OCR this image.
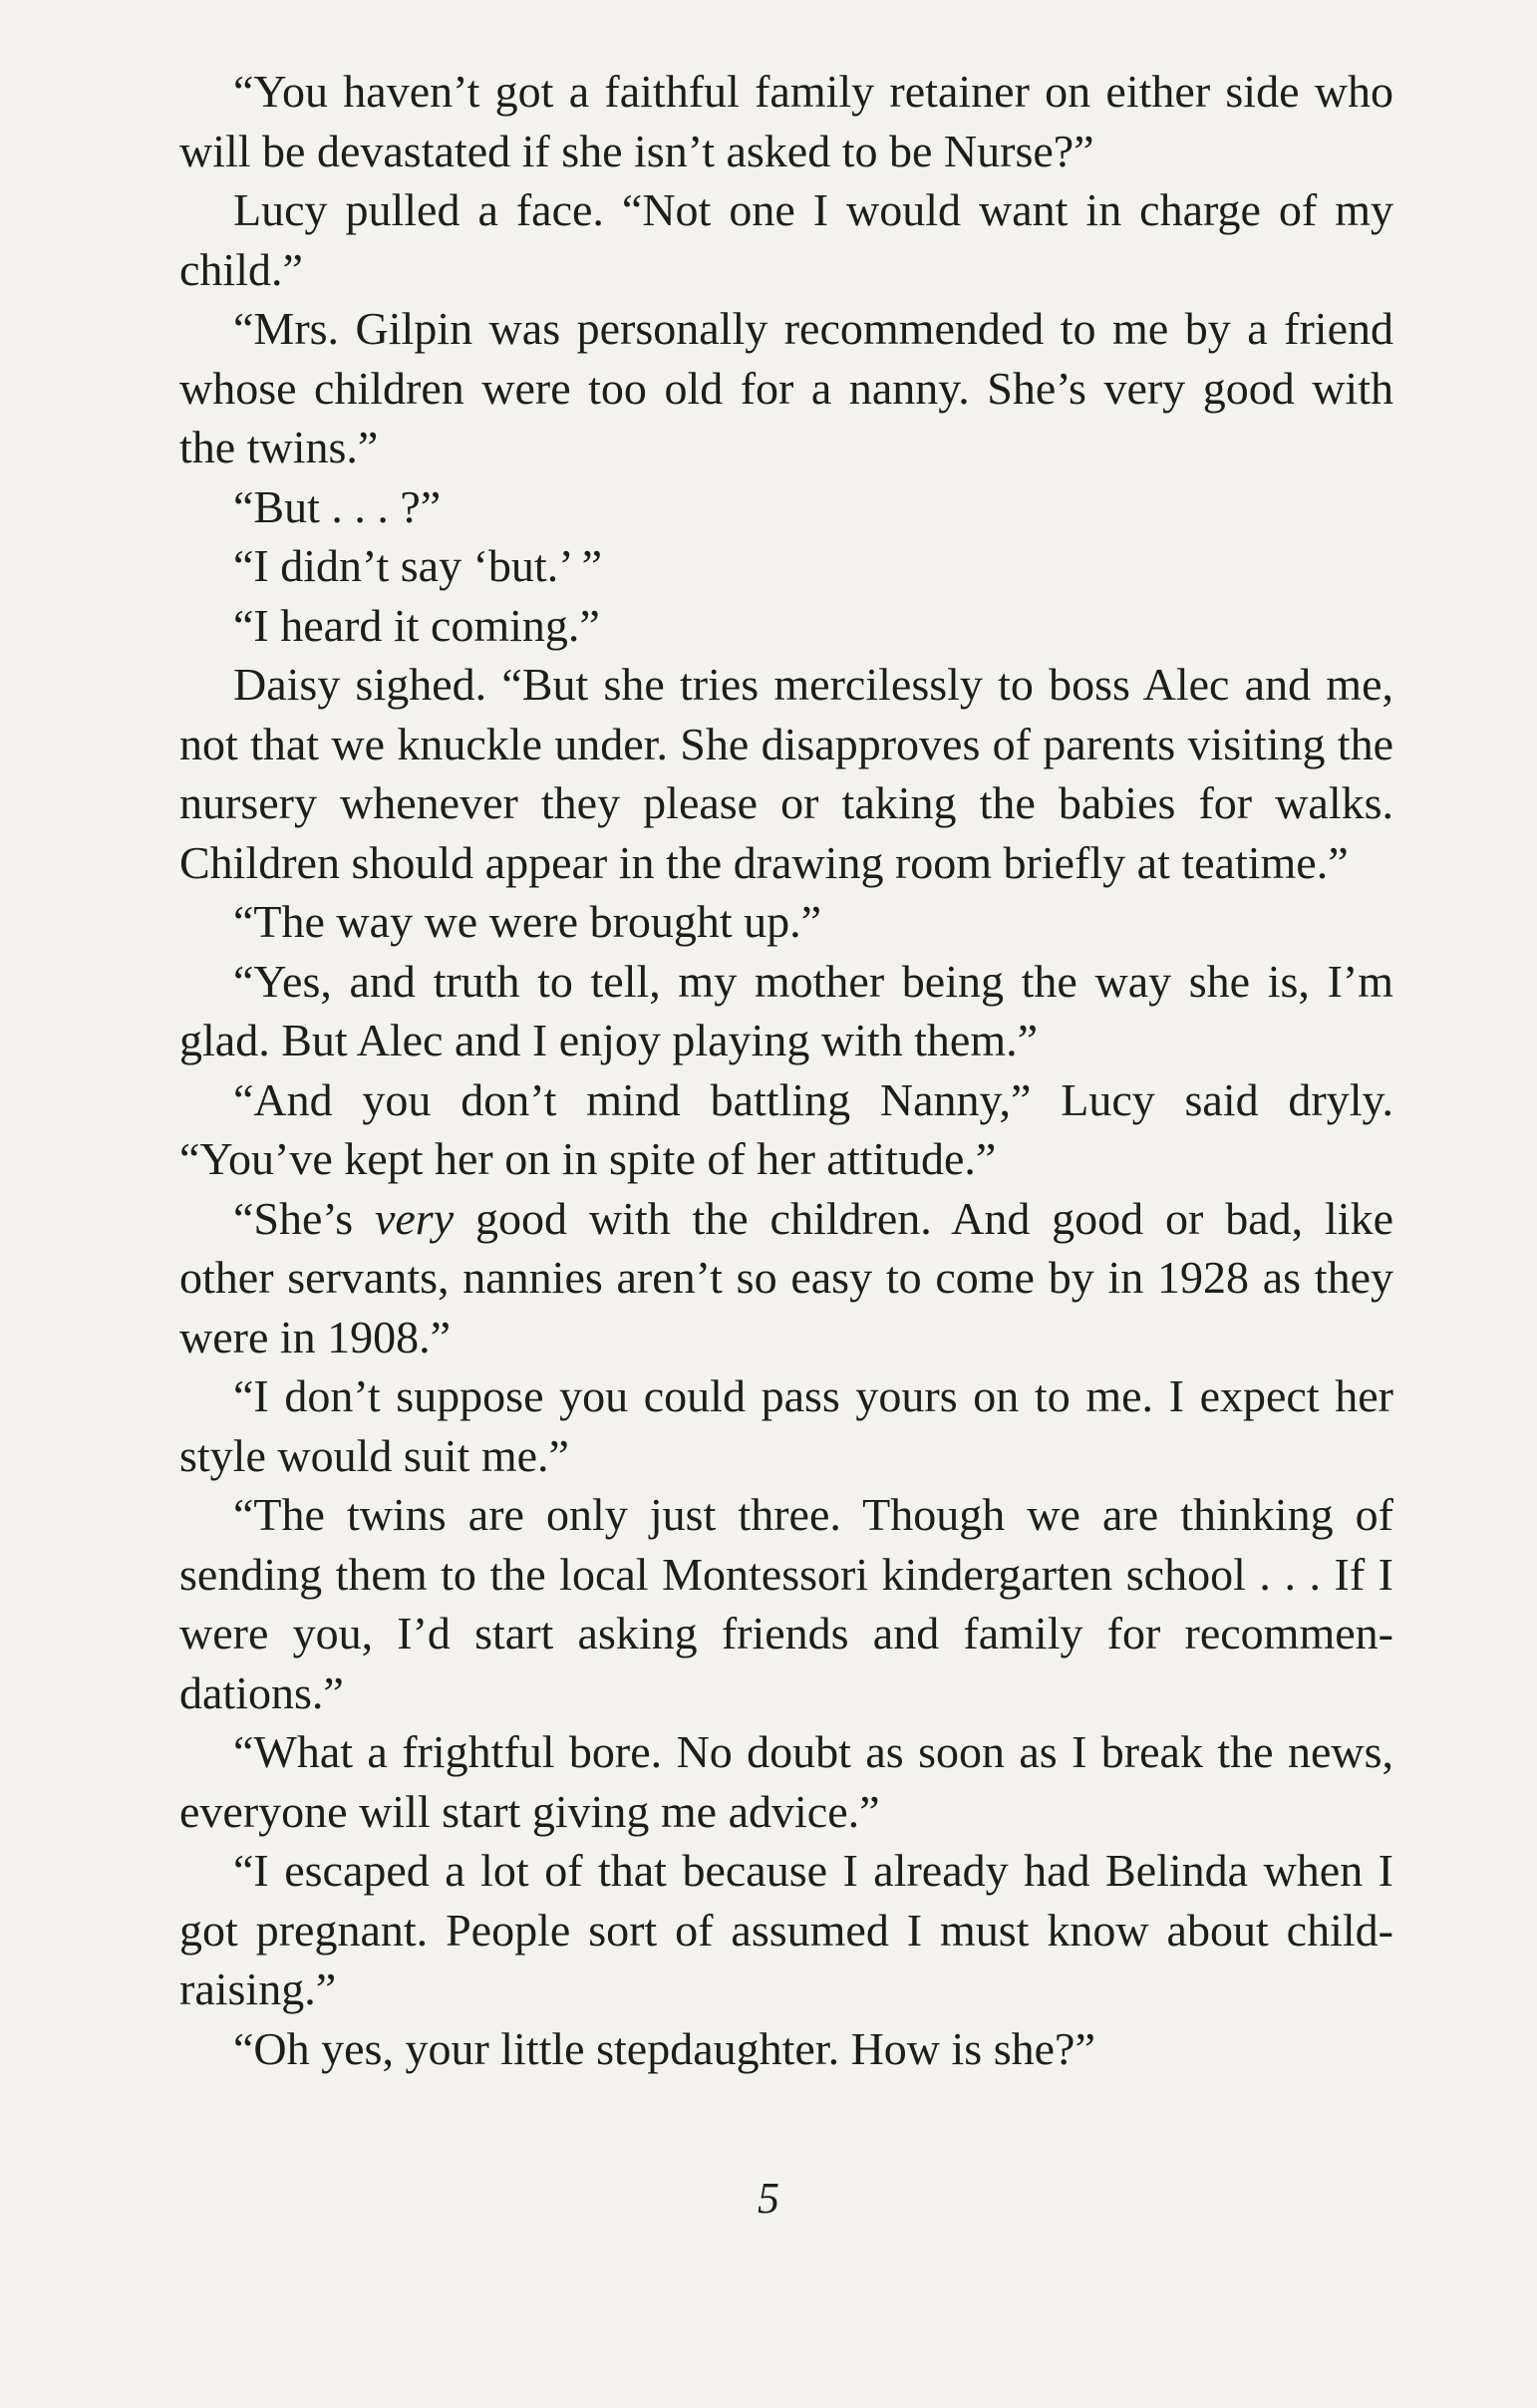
“You haven’t got a faithful family retainer on either side who will be devastated if she isn’t asked to be Nurse?”

Lucy pulled a face. “Not one I would want in charge of my child.”

“Mrs. Gilpin was personally recommended to me by a friend whose children were too old for a nanny. She’s very good with the twins.”

“But . . . ?”

“I didn’t say ‘but.’ ”

“I heard it coming.”

Daisy sighed. “But she tries mercilessly to boss Alec and me, not that we knuckle under. She disapproves of parents visiting the nursery whenever they please or taking the babies for walks. Children should appear in the drawing room briefly at teatime.”

“The way we were brought up.”

“Yes, and truth to tell, my mother being the way she is, I’m glad. But Alec and I enjoy playing with them.”

“And you don’t mind battling Nanny,” Lucy said dryly. “You’ve kept her on in spite of her attitude.”

“She’s very good with the children. And good or bad, like other servants, nannies aren’t so easy to come by in 1928 as they were in 1908.”

“I don’t suppose you could pass yours on to me. I expect her style would suit me.”

“The twins are only just three. Though we are thinking of sending them to the local Montessori kindergarten school . . . If I were you, I’d start asking friends and family for recommendations.”

“What a frightful bore. No doubt as soon as I break the news, everyone will start giving me advice.”

“I escaped a lot of that because I already had Belinda when I got pregnant. People sort of assumed I must know about childraising.”

“Oh yes, your little stepdaughter. How is she?”

5
